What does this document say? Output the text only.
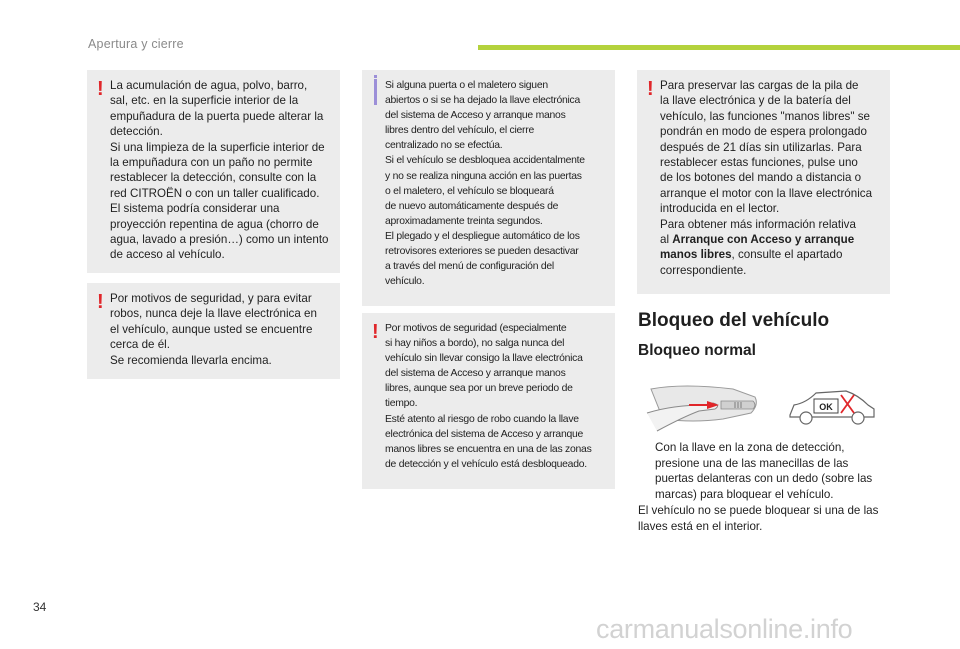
Apertura y cierre
! La acumulación de agua, polvo, barro,
sal, etc. en la superficie interior de la
empuñadura de la puerta puede alterar la
detección.
Si una limpieza de la superficie interior de
la empuñadura con un paño no permite
restablecer la detección, consulte con la
red CITROËN o con un taller cualificado.
El sistema podría considerar una
proyección repentina de agua (chorro de
agua, lavado a presión…) como un intento
de acceso al vehículo.
! Por motivos de seguridad, y para evitar
robos, nunca deje la llave electrónica en
el vehículo, aunque usted se encuentre
cerca de él.
Se recomienda llevarla encima.
Si alguna puerta o el maletero siguen
abiertos o si se ha dejado la llave electrónica
del sistema de Acceso y arranque manos
libres dentro del vehículo, el cierre
centralizado no se efectúa.
Si el vehículo se desbloquea accidentalmente
y no se realiza ninguna acción en las puertas
o el maletero, el vehículo se bloqueará
de nuevo automáticamente después de
aproximadamente treinta segundos.
El plegado y el despliegue automático de los
retrovisores exteriores se pueden desactivar
a través del menú de configuración del
vehículo.
! Por motivos de seguridad (especialmente
si hay niños a bordo), no salga nunca del
vehículo sin llevar consigo la llave electrónica
del sistema de Acceso y arranque manos
libres, aunque sea por un breve periodo de
tiempo.
Esté atento al riesgo de robo cuando la llave
electrónica del sistema de Acceso y arranque
manos libres se encuentra en una de las zonas
de detección y el vehículo está desbloqueado.
! Para preservar las cargas de la pila de
la llave electrónica y de la batería del
vehículo, las funciones "manos libres" se
pondrán en modo de espera prolongado
después de 21 días sin utilizarlas. Para
restablecer estas funciones, pulse uno
de los botones del mando a distancia o
arranque el motor con la llave electrónica
introducida en el lector.
Para obtener más información relativa
al Arranque con Acceso y arranque
manos libres, consulte el apartado
correspondiente.
Bloqueo del vehículo
Bloqueo normal
OK
Con la llave en la zona de detección,
presione una de las manecillas de las
puertas delanteras con un dedo (sobre las
marcas) para bloquear el vehículo.
El vehículo no se puede bloquear si una de las
llaves está en el interior.
34
carmanualsonline.info
